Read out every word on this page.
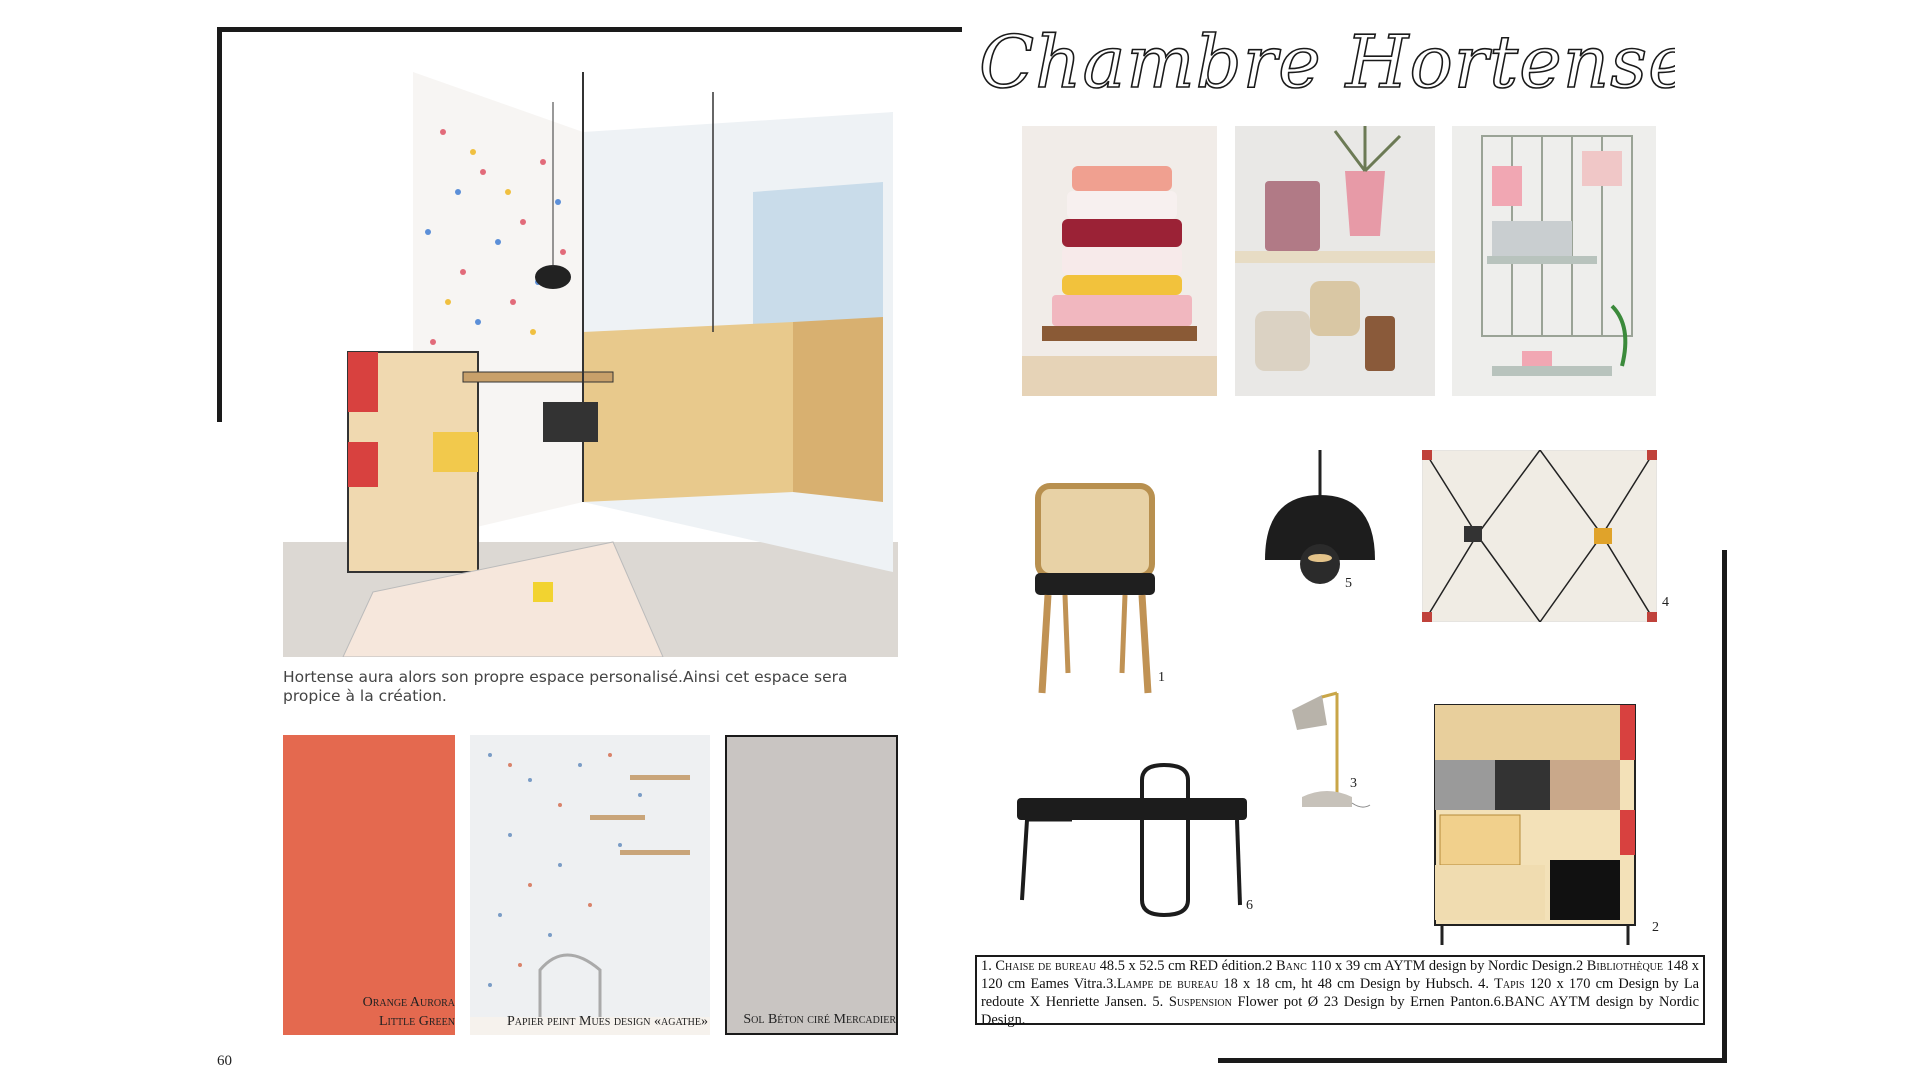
Chambre Hortense
Hortense aura alors son propre espace personalisé.Ainsi cet espace sera propice à la création.
Orange Aurora Little Green	Papier peint Mues design «agathe»	Sol Béton ciré Mercadier
1
5
4
3
6
2
1. Chaise de bureau 48.5 x 52.5 cm RED édition.2 Banc 110 x 39 cm AYTM design by Nordic Design.2 Bibliothèque 148 x 120 cm Eames Vitra.3.Lampe de bureau 18 x 18 cm, ht 48 cm Design by Hubsch. 4. Tapis 120 x 170 cm Design by La redoute X Henriette Jansen. 5. Suspension Flower pot Ø 23 Design by Ernen Panton.6.BANC AYTM design by Nordic Design.
60
